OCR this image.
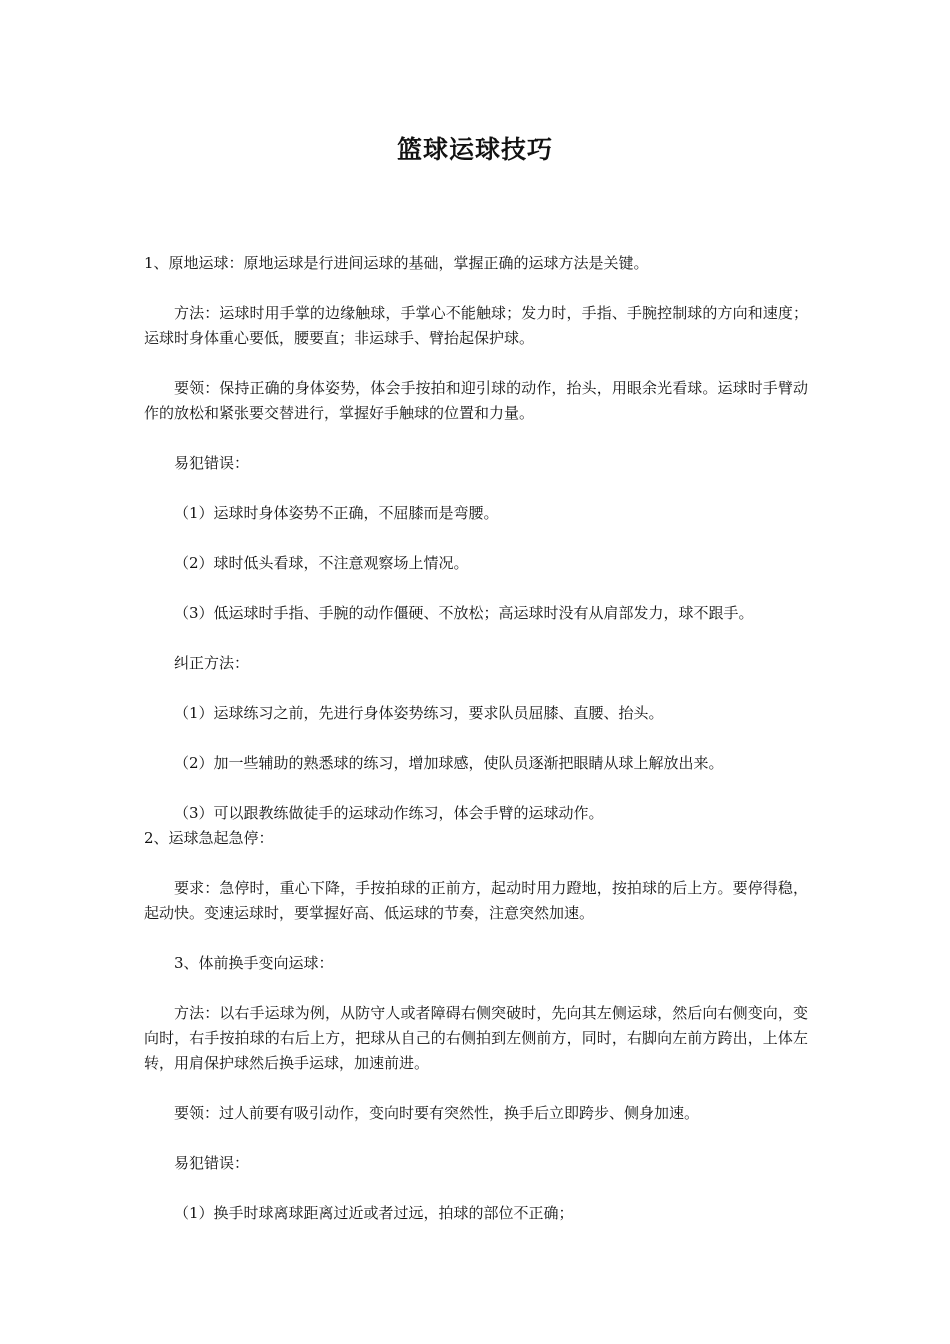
篮球运球技巧

1、原地运球：原地运球是行进间运球的基础，掌握正确的运球方法是关键。

方法：运球时用手掌的边缘触球，手掌心不能触球；发力时，手指、手腕控制球的方向和速度；运球时身体重心要低，腰要直；非运球手、臂抬起保护球。

要领：保持正确的身体姿势，体会手按拍和迎引球的动作，抬头，用眼余光看球。运球时手臂动作的放松和紧张要交替进行，掌握好手触球的位置和力量。

易犯错误：

（1）运球时身体姿势不正确，不屈膝而是弯腰。

（2）球时低头看球，不注意观察场上情况。

（3）低运球时手指、手腕的动作僵硬、不放松；高运球时没有从肩部发力，球不跟手。

纠正方法：

（1）运球练习之前，先进行身体姿势练习，要求队员屈膝、直腰、抬头。

（2）加一些辅助的熟悉球的练习，增加球感，使队员逐渐把眼睛从球上解放出来。

（3）可以跟教练做徒手的运球动作练习，体会手臂的运球动作。

2、运球急起急停：

要求：急停时，重心下降，手按拍球的正前方，起动时用力蹬地，按拍球的后上方。要停得稳，起动快。变速运球时，要掌握好高、低运球的节奏，注意突然加速。

3、体前换手变向运球：

方法：以右手运球为例，从防守人或者障碍右侧突破时，先向其左侧运球，然后向右侧变向，变向时，右手按拍球的右后上方，把球从自己的右侧拍到左侧前方，同时，右脚向左前方跨出，上体左转，用肩保护球然后换手运球，加速前进。

要领：过人前要有吸引动作，变向时要有突然性，换手后立即跨步、侧身加速。

易犯错误：

（1）换手时球离球距离过近或者过远，拍球的部位不正确；
